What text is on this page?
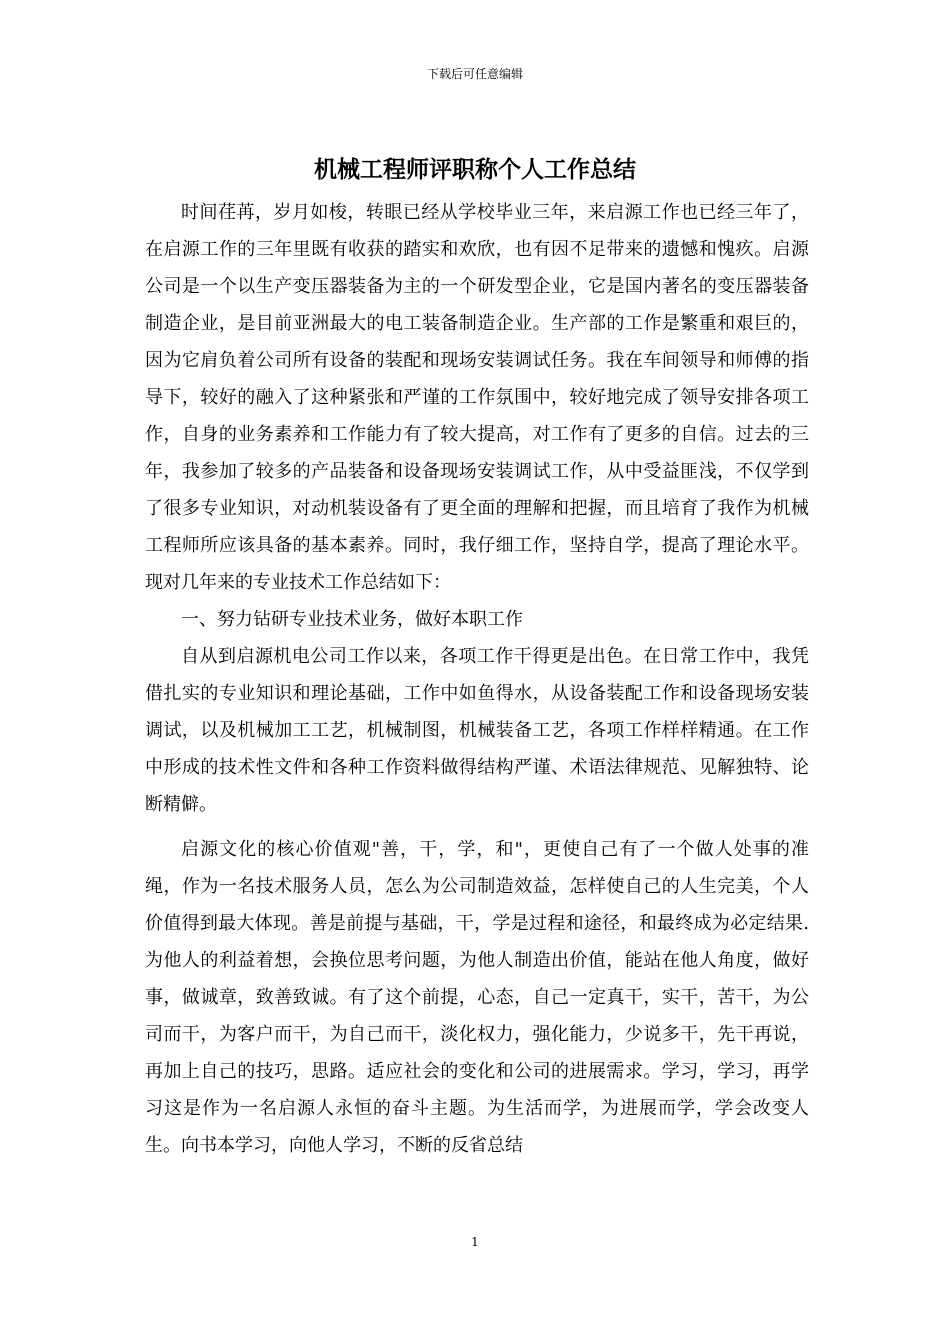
下载后可任意编辑
机械工程师评职称个人工作总结

时间荏苒，岁月如梭，转眼已经从学校毕业三年，来启源工作也已经三年了，在启源工作的三年里既有收获的踏实和欢欣，也有因不足带来的遗憾和愧疚。启源公司是一个以生产变压器装备为主的一个研发型企业，它是国内著名的变压器装备制造企业，是目前亚洲最大的电工装备制造企业。生产部的工作是繁重和艰巨的，因为它肩负着公司所有设备的装配和现场安装调试任务。我在车间领导和师傅的指导下，较好的融入了这种紧张和严谨的工作氛围中，较好地完成了领导安排各项工作，自身的业务素养和工作能力有了较大提高，对工作有了更多的自信。过去的三年，我参加了较多的产品装备和设备现场安装调试工作，从中受益匪浅，不仅学到了很多专业知识，对动机装设备有了更全面的理解和把握，而且培育了我作为机械工程师所应该具备的基本素养。同时，我仔细工作，坚持自学，提高了理论水平。现对几年来的专业技术工作总结如下：

一、努力钻研专业技术业务，做好本职工作

自从到启源机电公司工作以来，各项工作干得更是出色。在日常工作中，我凭借扎实的专业知识和理论基础，工作中如鱼得水，从设备装配工作和设备现场安装调试，以及机械加工工艺，机械制图，机械装备工艺，各项工作样样精通。在工作中形成的技术性文件和各种工作资料做得结构严谨、术语法律规范、见解独特、论断精僻。

启源文化的核心价值观"善，干，学，和"，更使自己有了一个做人处事的准绳，作为一名技术服务人员，怎么为公司制造效益，怎样使自己的人生完美，个人价值得到最大体现。善是前提与基础，干，学是过程和途径，和最终成为必定结果.为他人的利益着想，会换位思考问题，为他人制造出价值，能站在他人角度，做好事，做诚章，致善致诚。有了这个前提，心态，自己一定真干，实干，苦干，为公司而干，为客户而干，为自己而干，淡化权力，强化能力，少说多干，先干再说，再加上自己的技巧，思路。适应社会的变化和公司的进展需求。学习，学习，再学习这是作为一名启源人永恒的奋斗主题。为生活而学，为进展而学，学会改变人生。向书本学习，向他人学习，不断的反省总结

1
